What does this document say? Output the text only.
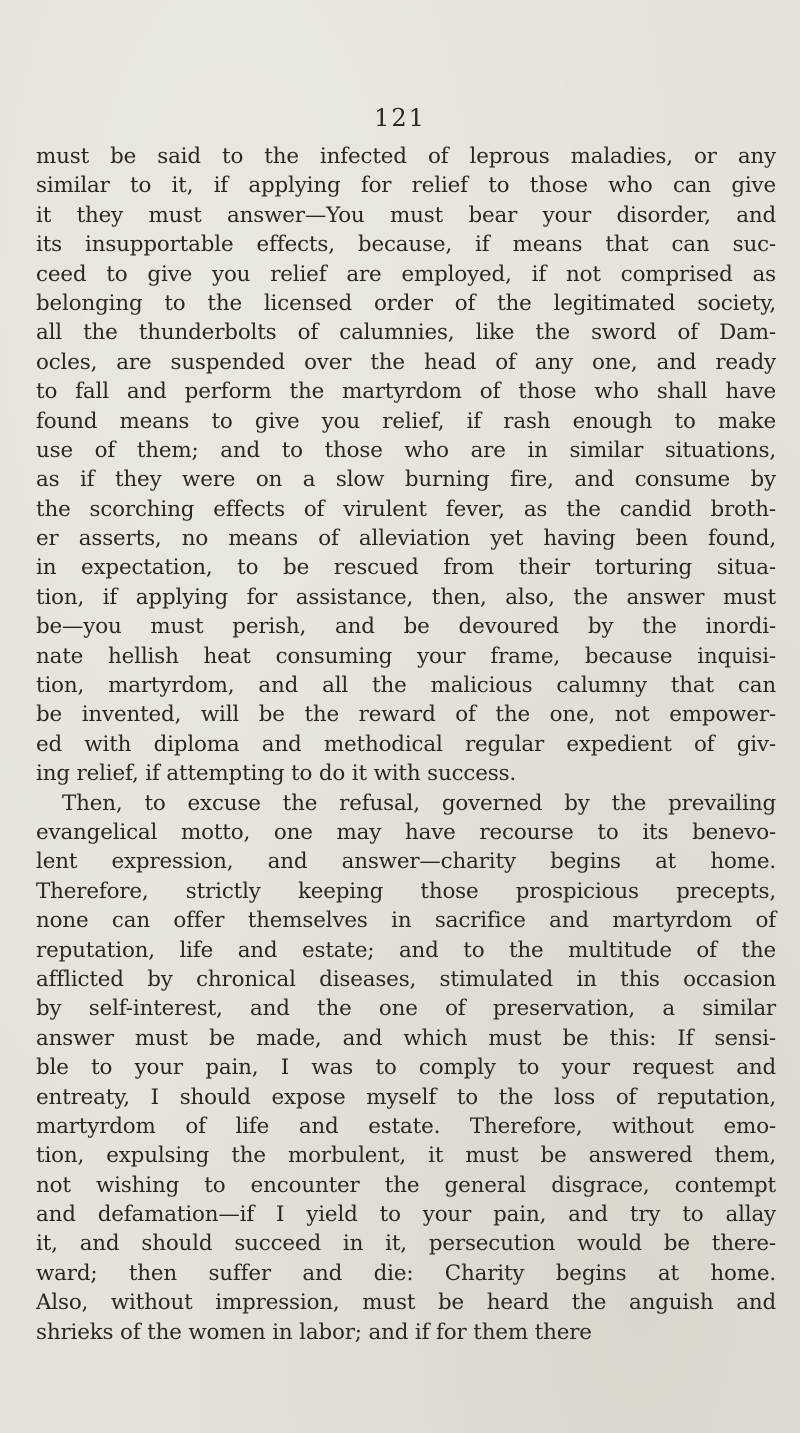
121
must be said to the infected of leprous maladies, or any
similar to it, if applying for relief to those who can give
it they must answer—You must bear your disorder, and
its insupportable effects, because, if means that can suc-
ceed to give you relief are employed, if not comprised as
belonging to the licensed order of the legitimated society,
all the thunderbolts of calumnies, like the sword of Dam-
ocles, are suspended over the head of any one, and ready
to fall and perform the martyrdom of those who shall have
found means to give you relief, if rash enough to make
use of them; and to those who are in similar situations,
as if they were on a slow burning fire, and consume by
the scorching effects of virulent fever, as the candid broth-
er asserts, no means of alleviation yet having been found,
in expectation, to be rescued from their torturing situa-
tion, if applying for assistance, then, also, the answer must
be—you must perish, and be devoured by the inordi-
nate hellish heat consuming your frame, because inquisi-
tion, martyrdom, and all the malicious calumny that can
be invented, will be the reward of the one, not empower-
ed with diploma and methodical regular expedient of giv-
ing relief, if attempting to do it with success.
Then, to excuse the refusal, governed by the prevailing
evangelical motto, one may have recourse to its benevo-
lent expression, and answer—charity begins at home.
Therefore, strictly keeping those prospicious precepts,
none can offer themselves in sacrifice and martyrdom of
reputation, life and estate; and to the multitude of the
afflicted by chronical diseases, stimulated in this occasion
by self-interest, and the one of preservation, a similar
answer must be made, and which must be this: If sensi-
ble to your pain, I was to comply to your request and
entreaty, I should expose myself to the loss of reputation,
martyrdom of life and estate. Therefore, without emo-
tion, expulsing the morbulent, it must be answered them,
not wishing to encounter the general disgrace, contempt
and defamation—if I yield to your pain, and try to allay
it, and should succeed in it, persecution would be there-
ward; then suffer and die: Charity begins at home.
Also, without impression, must be heard the anguish and
shrieks of the women in labor; and if for them there
